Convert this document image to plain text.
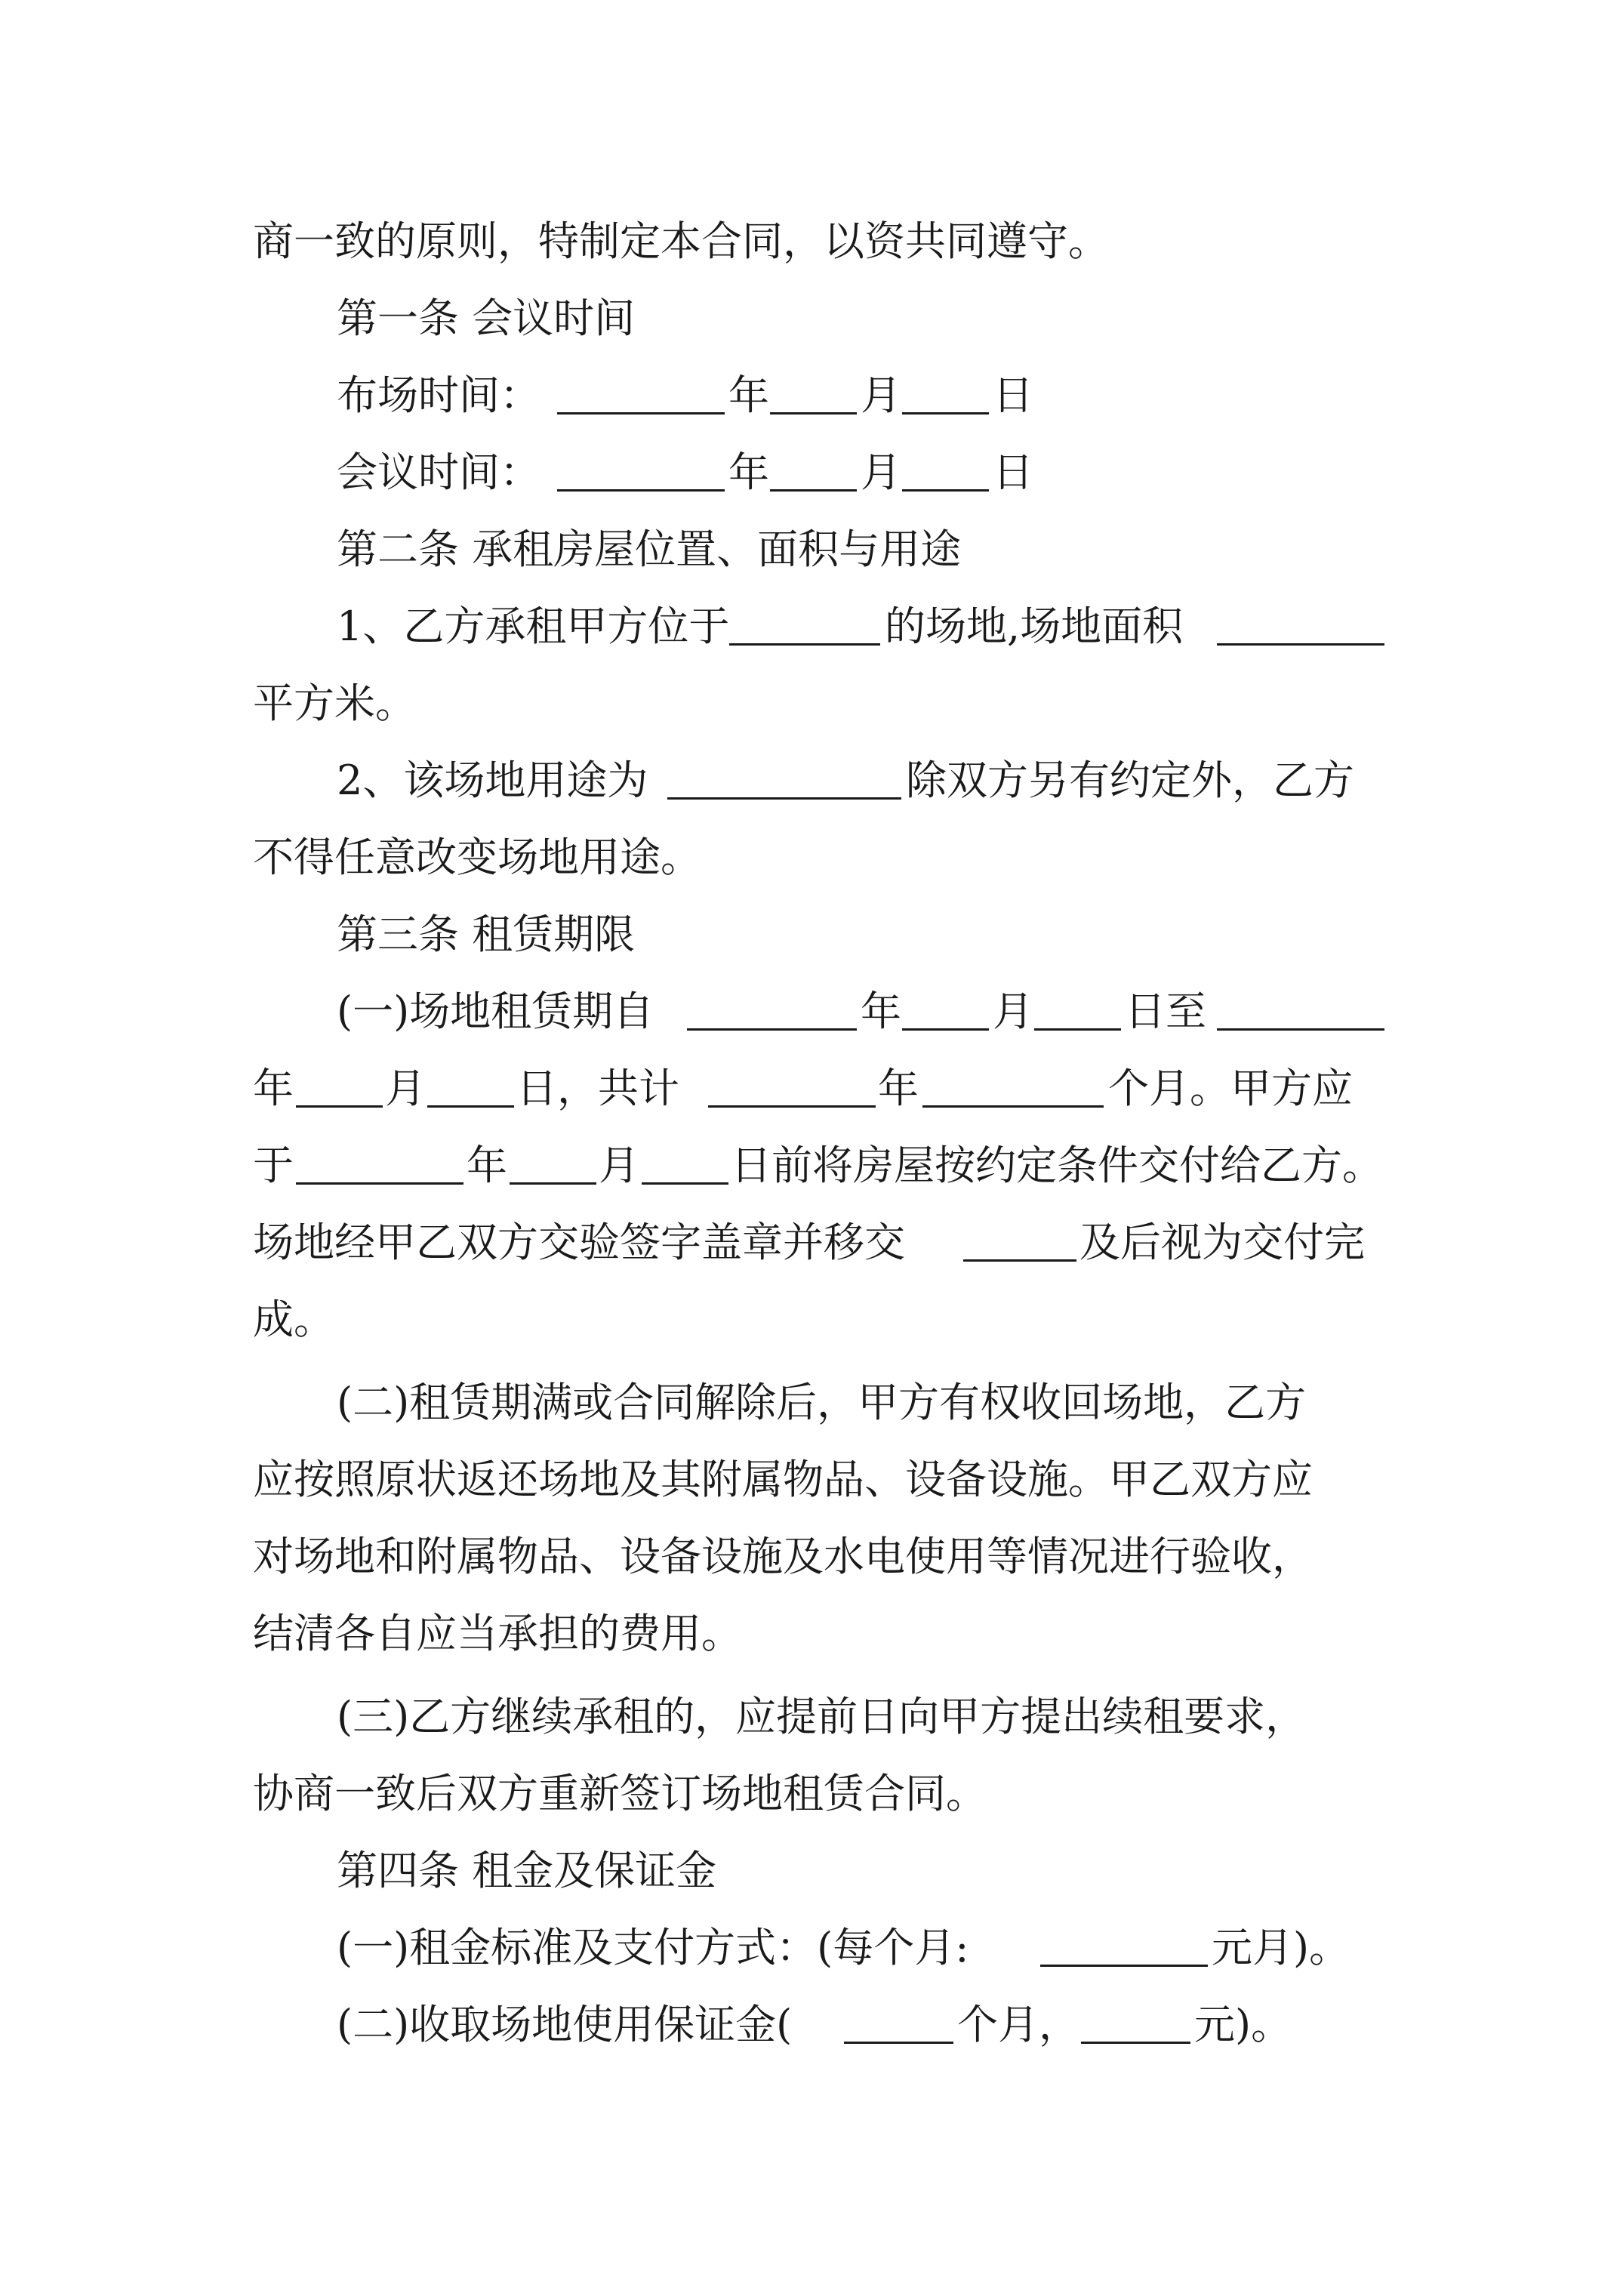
商一致的原则，特制定本合同，以资共同遵守。
第一条 会议时间
布场时间：	年 月 日
会议时间：	年 月 日
第二条 承租房屋位置、面积与用途
1、乙方承租甲方位于	的场地,场地面积
平方米。
2、该场地用途为	除双方另有约定外，乙方
不得任意改变场地用途。
第三条 租赁期限
(一)场地租赁期自	年 月 日至
年 月 日，共计	年	个月。甲方应
于	年 月 日前将房屋按约定条件交付给乙方。
场地经甲乙双方交验签字盖章并移交	及后视为交付完
成。
(二)租赁期满或合同解除后，甲方有权收回场地，乙方
应按照原状返还场地及其附属物品、设备设施。甲乙双方应
对场地和附属物品、设备设施及水电使用等情况进行验收，
结清各自应当承担的费用。
(三)乙方继续承租的，应提前日向甲方提出续租要求，
协商一致后双方重新签订场地租赁合同。
第四条 租金及保证金
(一)租金标准及支付方式：(每个月:	元月)。
(二)收取场地使用保证金(	个月，	元)。
